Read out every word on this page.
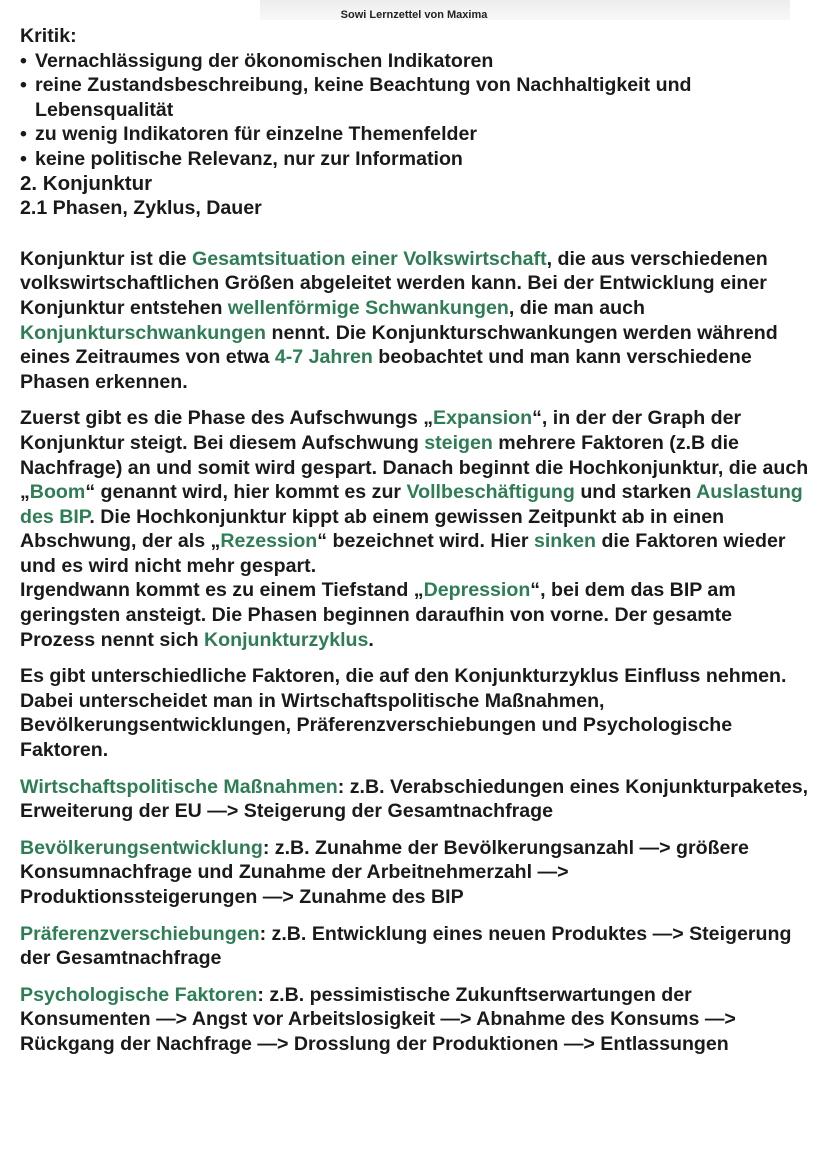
Sowi Lernzettel von Maxima

Kritik:

• Vernachlässigung der ökonomischen Indikatoren
• reine Zustandsbeschreibung, keine Beachtung von Nachhaltigkeit und Lebensqualität
• zu wenig Indikatoren für einzelne Themenfelder
• keine politische Relevanz, nur zur Information

2. Konjunktur

2.1 Phasen, Zyklus, Dauer

Konjunktur ist die Gesamtsituation einer Volkswirtschaft, die aus verschiedenen volkswirtschaftlichen Größen abgeleitet werden kann. Bei der Entwicklung einer Konjunktur entstehen wellenförmige Schwankungen, die man auch Konjunkturschwankungen nennt. Die Konjunkturschwankungen werden während eines Zeitraumes von etwa 4-7 Jahren beobachtet und man kann verschiedene Phasen erkennen.

Zuerst gibt es die Phase des Aufschwungs „Expansion“, in der der Graph der Konjunktur steigt. Bei diesem Aufschwung steigen mehrere Faktoren (z.B die Nachfrage) an und somit wird gespart. Danach beginnt die Hochkonjunktur, die auch „Boom“ genannt wird, hier kommt es zur Vollbeschäftigung und starken Auslastung des BIP. Die Hochkonjunktur kippt ab einem gewissen Zeitpunkt ab in einen Abschwung, der als „Rezession“ bezeichnet wird. Hier sinken die Faktoren wieder und es wird nicht mehr gespart.

Irgendwann kommt es zu einem Tiefstand „Depression“, bei dem das BIP am geringsten ansteigt. Die Phasen beginnen daraufhin von vorne. Der gesamte Prozess nennt sich Konjunkturzyklus.

Es gibt unterschiedliche Faktoren, die auf den Konjunkturzyklus Einfluss nehmen. Dabei unterscheidet man in Wirtschaftspolitische Maßnahmen, Bevölkerungsentwicklungen, Präferenzverschiebungen und Psychologische Faktoren.

Wirtschaftspolitische Maßnahmen: z.B. Verabschiedungen eines Konjunkturpaketes, Erweiterung der EU —> Steigerung der Gesamtnachfrage

Bevölkerungsentwicklung: z.B. Zunahme der Bevölkerungsanzahl —> größere Konsumnachfrage und Zunahme der Arbeitnehmerzahl —> Produktionssteigerungen —> Zunahme des BIP

Präferenzverschiebungen: z.B. Entwicklung eines neuen Produktes —> Steigerung der Gesamtnachfrage

Psychologische Faktoren: z.B. pessimistische Zukunftserwartungen der Konsumenten —> Angst vor Arbeitslosigkeit —> Abnahme des Konsums —> Rückgang der Nachfrage —> Drosslung der Produktionen —> Entlassungen
